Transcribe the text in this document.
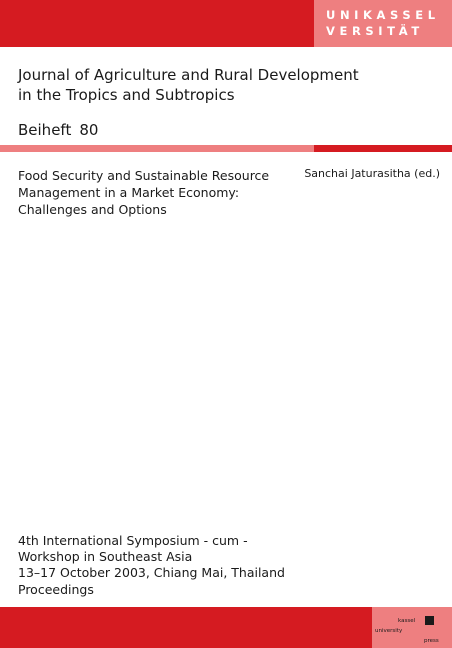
UNIKASSEL
VERSITÄT
Journal of Agriculture and Rural Development
in the Tropics and Subtropics
Beiheft 80
Food Security and Sustainable Resource
Management in a Market Economy:
Challenges and Options
Sanchai Jaturasitha (ed.)
4th International Symposium - cum -
Workshop in Southeast Asia
13–17 October 2003, Chiang Mai, Thailand
Proceedings
kassel
university
press
